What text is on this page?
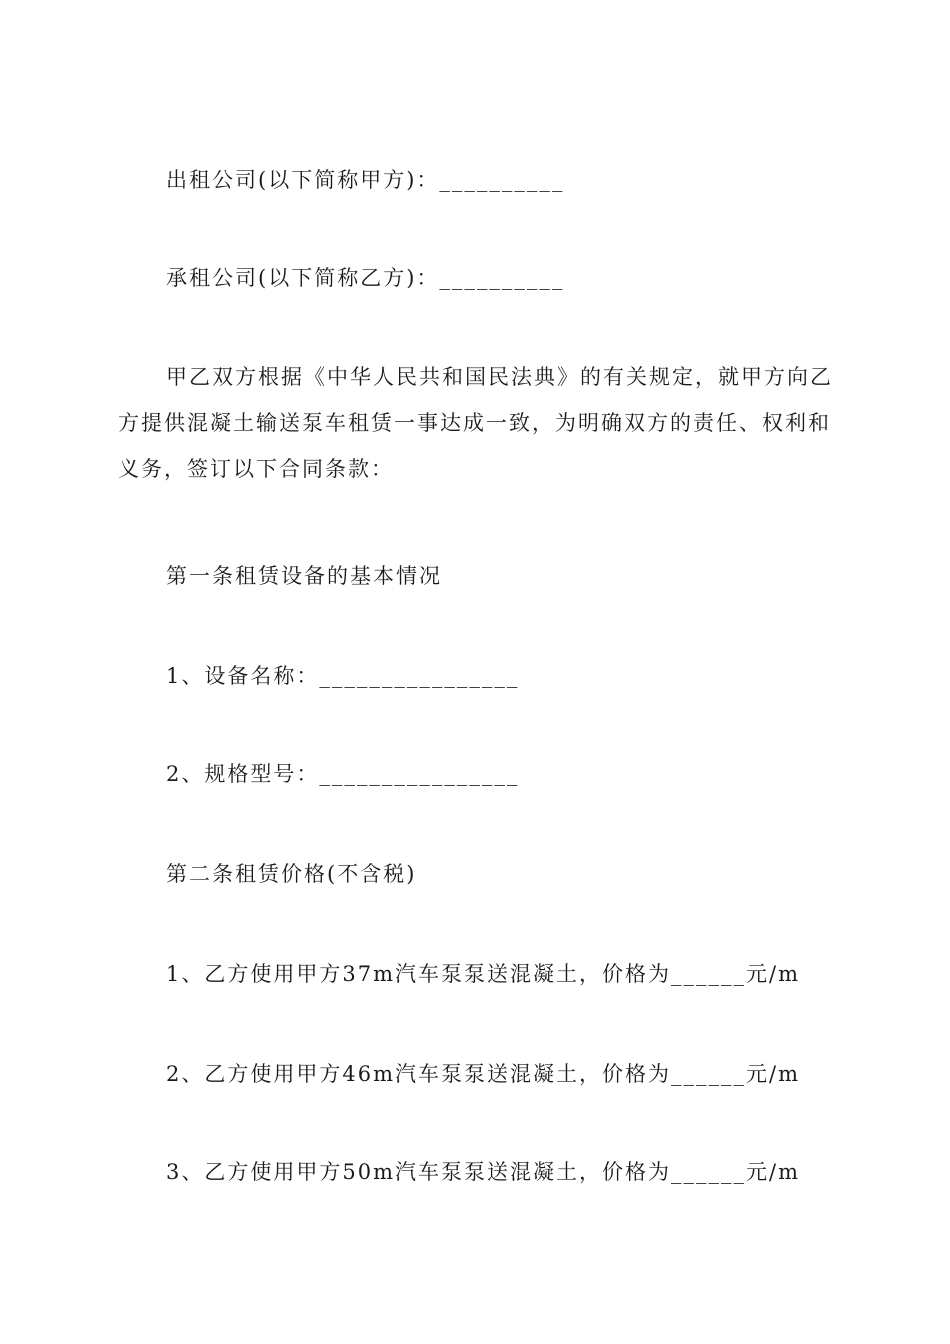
出租公司(以下简称甲方)：__________
承租公司(以下简称乙方)：__________
甲乙双方根据《中华人民共和国民法典》的有关规定，就甲方向乙方提供混凝土输送泵车租赁一事达成一致，为明确双方的责任、权利和义务，签订以下合同条款：
第一条租赁设备的基本情况
1、设备名称：________________
2、规格型号：________________
第二条租赁价格(不含税)
1、乙方使用甲方37m汽车泵泵送混凝土，价格为______元/m
2、乙方使用甲方46m汽车泵泵送混凝土，价格为______元/m
3、乙方使用甲方50m汽车泵泵送混凝土，价格为______元/m
